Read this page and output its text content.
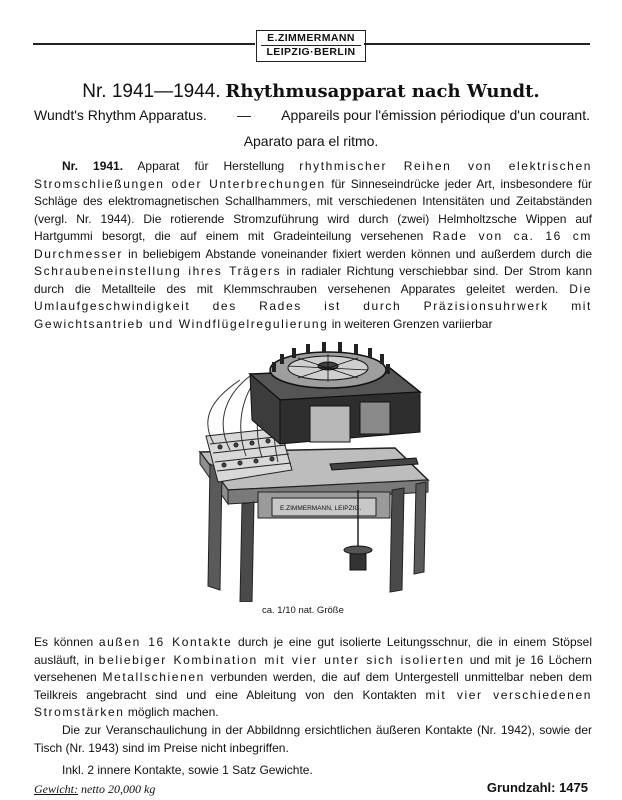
E.ZIMMERMANN
LEIPZIG·BERLIN
Nr. 1941—1944. Rhythmusapparat nach Wundt.
Wundt's Rhythm Apparatus. — Appareils pour l'émission périodique d'un courant.
Aparato para el ritmo.
Nr. 1941. Apparat für Herstellung rhythmischer Reihen von elektrischen Stromschließungen oder Unterbrechungen für Sinneseindrücke jeder Art, insbesondere für Schläge des elektromagnetischen Schallhammers, mit verschiedenen Intensitäten und Zeitabständen (vergl. Nr. 1944). Die rotierende Stromzuführung wird durch (zwei) Helmholtzsche Wippen auf Hartgummi besorgt, die auf einem mit Gradeinteilung versehenen Rade von ca. 16 cm Durchmesser in beliebigem Abstande voneinander fixiert werden können und außerdem durch die Schraubeneinstellung ihres Trägers in radialer Richtung verschiebbar sind. Der Strom kann durch die Metallteile des mit Klemmschrauben versehenen Apparates geleitet werden. Die Umlaufgeschwindigkeit des Rades ist durch Präzisionsuhrwerk mit Gewichtsantrieb und Windflügelregulierung in weiteren Grenzen variierbar
E.ZIMMERMANN, LEIPZIG.
ca. 1/10 nat. Größe
Es können außen 16 Kontakte durch je eine gut isolierte Leitungsschnur, die in einem Stöpsel ausläuft, in beliebiger Kombination mit vier unter sich isolierten und mit je 16 Löchern versehenen Metallschienen verbunden werden, die auf dem Untergestell unmittelbar neben dem Teilkreis angebracht sind und eine Ableitung von den Kontakten mit vier verschiedenen Stromstärken möglich machen.
Die zur Veranschaulichung in der Abbildnng ersichtlichen äußeren Kontakte (Nr. 1942), sowie der Tisch (Nr. 1943) sind im Preise nicht inbegriffen.
Inkl. 2 innere Kontakte, sowie 1 Satz Gewichte.
Gewicht: netto 20,000 kg	Grundzahl: 1475
